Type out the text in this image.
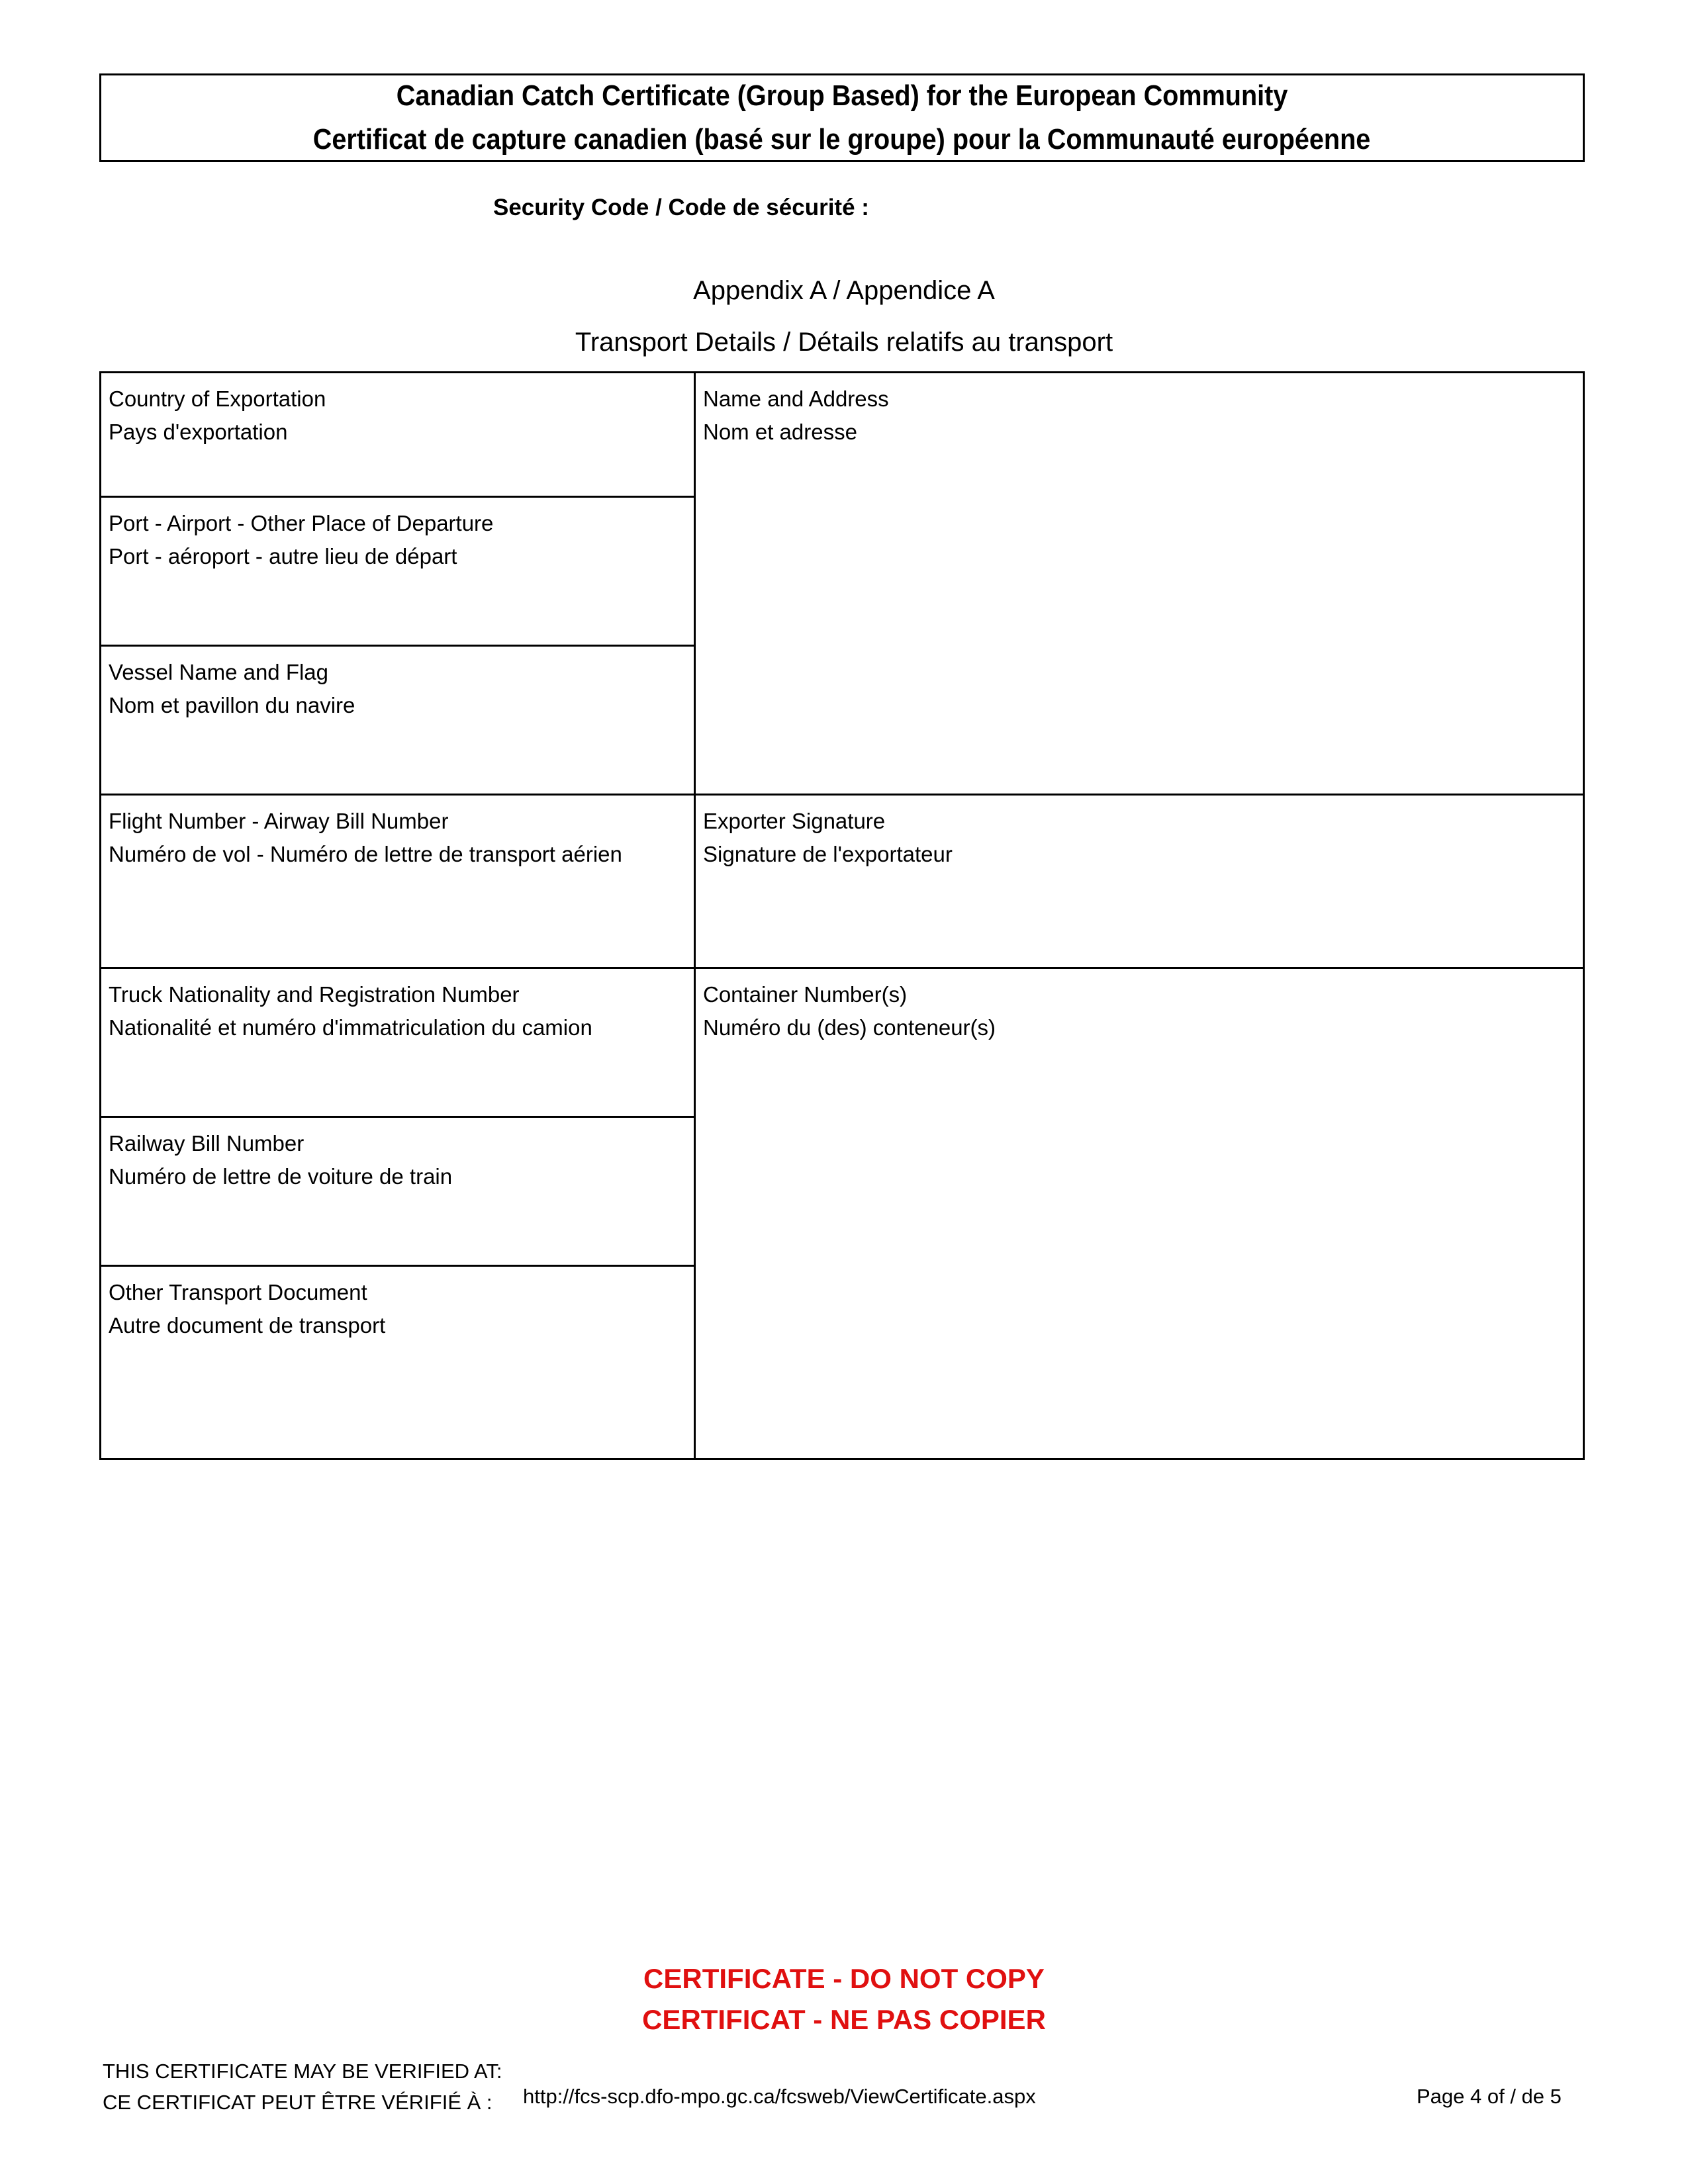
Canadian Catch Certificate (Group Based) for the European Community
Certificat de capture canadien (basé sur le groupe) pour la Communauté européenne
Security Code / Code de sécurité :
Appendix A / Appendice A
Transport Details / Détails relatifs au transport
Country of Exportation
Pays d'exportation
Port - Airport - Other Place of Departure
Port - aéroport - autre lieu de départ
Vessel Name and Flag
Nom et pavillon du navire
Flight Number - Airway Bill Number
Numéro de vol - Numéro de lettre de transport aérien
Truck Nationality and Registration Number
Nationalité et numéro d'immatriculation du camion
Railway Bill Number
Numéro de lettre de voiture de train
Other Transport Document
Autre document de transport
Name and Address
Nom et adresse
Exporter Signature
Signature de l'exportateur
Container Number(s)
Numéro du (des) conteneur(s)
CERTIFICATE - DO NOT COPY
CERTIFICAT - NE PAS COPIER
THIS CERTIFICATE MAY BE VERIFIED AT:
CE CERTIFICAT PEUT ÊTRE VÉRIFIÉ À : http://fcs-scp.dfo-mpo.gc.ca/fcsweb/ViewCertificate.aspx	Page 4 of / de 5
